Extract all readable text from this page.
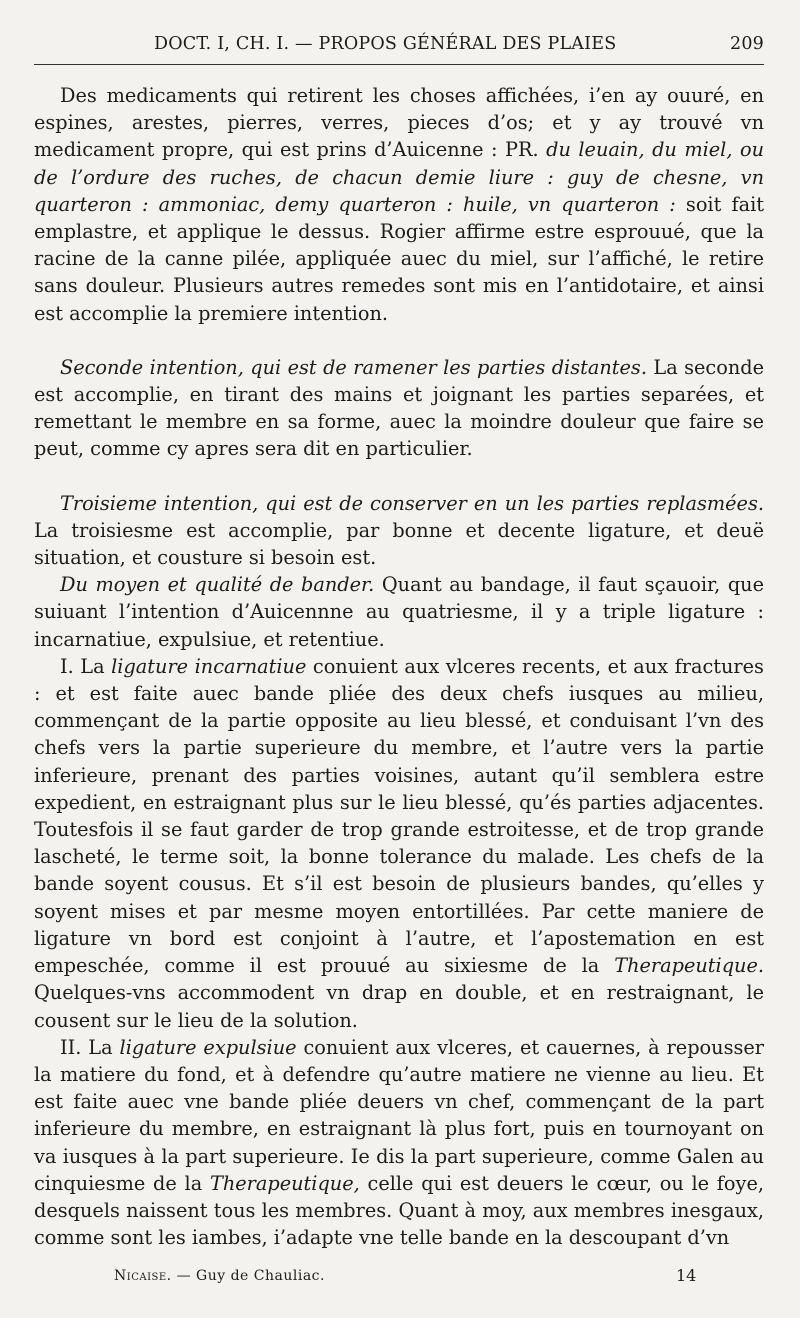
DOCT. I, CH. I. — PROPOS GÉNÉRAL DES PLAIES	209

Des medicaments qui retirent les choses affichées, i’en ay ouuré, en espines, arestes, pierres, verres, pieces d’os; et y ay trouvé vn medicament propre, qui est prins d’Auicenne : PR. du leuain, du miel, ou de l’ordure des ruches, de chacun demie liure : guy de chesne, vn quarteron : ammoniac, demy quarteron : huile, vn quarteron : soit fait emplastre, et applique le dessus. Rogier affirme estre esprouué, que la racine de la canne pilée, appliquée auec du miel, sur l’affiché, le retire sans douleur. Plusieurs autres remedes sont mis en l’antidotaire, et ainsi est accomplie la premiere intention.

Seconde intention, qui est de ramener les parties distantes. La seconde est accomplie, en tirant des mains et joignant les parties separées, et remettant le membre en sa forme, auec la moindre douleur que faire se peut, comme cy apres sera dit en particulier.

Troisieme intention, qui est de conserver en un les parties replasmées. La troisiesme est accomplie, par bonne et decente ligature, et deuë situation, et cousture si besoin est.

Du moyen et qualité de bander. Quant au bandage, il faut sçauoir, que suiuant l’intention d’Auicennne au quatriesme, il y a triple ligature : incarnatiue, expulsiue, et retentiue.

I. La ligature incarnatiue conuient aux vlceres recents, et aux fractures : et est faite auec bande pliée des deux chefs iusques au milieu, commençant de la partie opposite au lieu blessé, et conduisant l’vn des chefs vers la partie superieure du membre, et l’autre vers la partie inferieure, prenant des parties voisines, autant qu’il semblera estre expedient, en estraignant plus sur le lieu blessé, qu’és parties adjacentes. Toutesfois il se faut garder de trop grande estroitesse, et de trop grande lascheté, le terme soit, la bonne tolerance du malade. Les chefs de la bande soyent cousus. Et s’il est besoin de plusieurs bandes, qu’elles y soyent mises et par mesme moyen entortillées. Par cette maniere de ligature vn bord est conjoint à l’autre, et l’apostemation en est empeschée, comme il est prouué au sixiesme de la Therapeutique. Quelques-vns accommodent vn drap en double, et en restraignant, le cousent sur le lieu de la solution.

II. La ligature expulsiue conuient aux vlceres, et cauernes, à repousser la matiere du fond, et à defendre qu’autre matiere ne vienne au lieu. Et est faite auec vne bande pliée deuers vn chef, commençant de la part inferieure du membre, en estraignant là plus fort, puis en tournoyant on va iusques à la part superieure. Ie dis la part superieure, comme Galen au cinquiesme de la Therapeutique, celle qui est deuers le cœur, ou le foye, desquels naissent tous les membres. Quant à moy, aux membres inesgaux, comme sont les iambes, i’adapte vne telle bande en la descoupant d’vn

Nicaise. — Guy de Chauliac.	14
